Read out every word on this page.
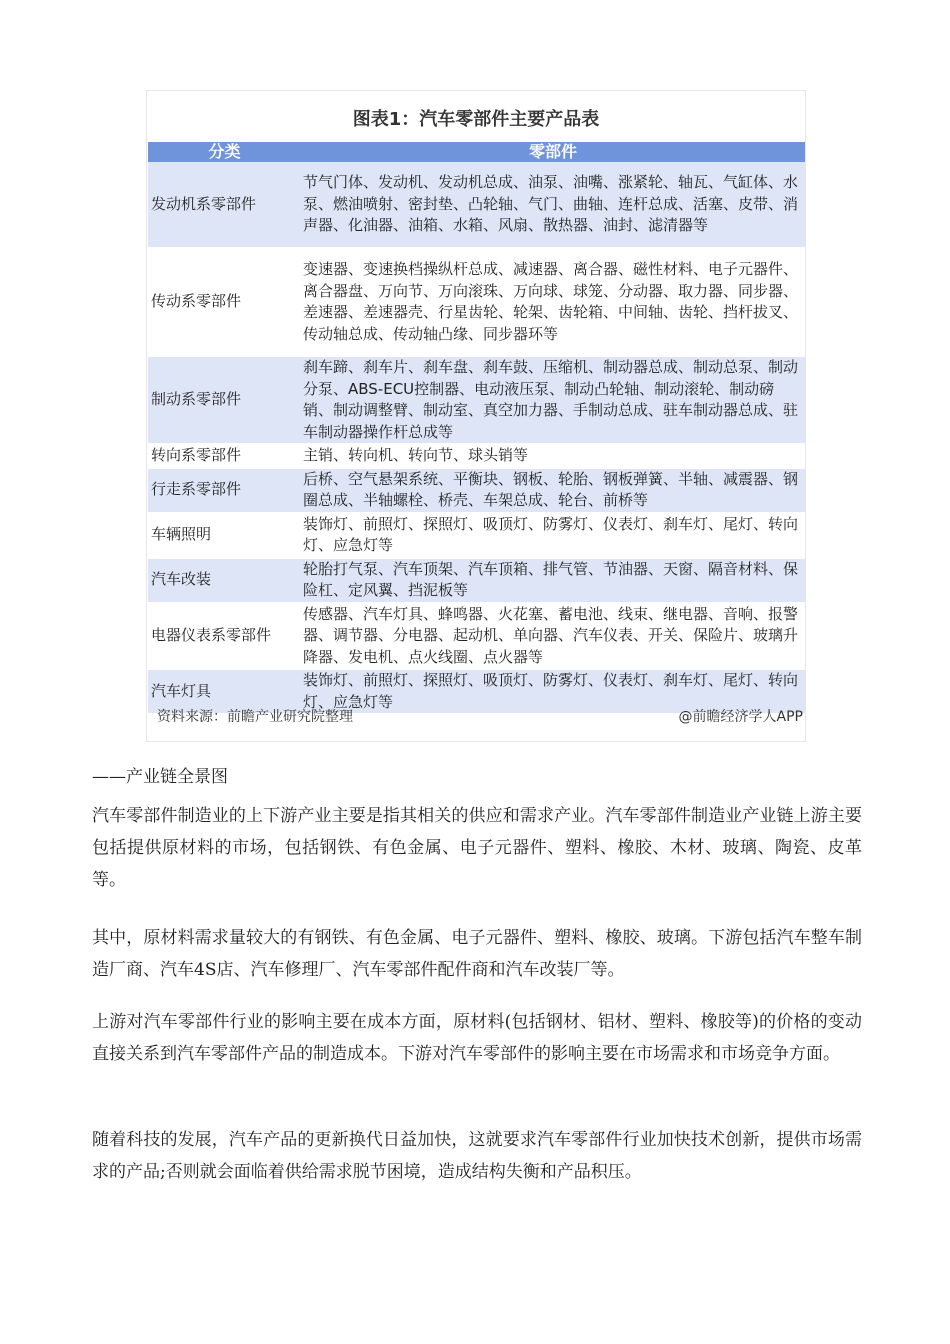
图表1：汽车零部件主要产品表
分类	零部件
发动机系零部件	节气门体、发动机、发动机总成、油泵、油嘴、涨紧轮、轴瓦、气缸体、水泵、燃油喷射、密封垫、凸轮轴、气门、曲轴、连杆总成、活塞、皮带、消声器、化油器、油箱、水箱、风扇、散热器、油封、滤清器等
传动系零部件	变速器、变速换档操纵杆总成、减速器、离合器、磁性材料、电子元器件、离合器盘、万向节、万向滚珠、万向球、球笼、分动器、取力器、同步器、差速器、差速器壳、行星齿轮、轮架、齿轮箱、中间轴、齿轮、挡杆拔叉、传动轴总成、传动轴凸缘、同步器环等
制动系零部件	刹车蹄、刹车片、刹车盘、刹车鼓、压缩机、制动器总成、制动总泵、制动分泵、ABS-ECU控制器、电动液压泵、制动凸轮轴、制动滚轮、制动磅销、制动调整臂、制动室、真空加力器、手制动总成、驻车制动器总成、驻车制动器操作杆总成等
转向系零部件	主销、转向机、转向节、球头销等
行走系零部件	后桥、空气悬架系统、平衡块、钢板、轮胎、钢板弹簧、半轴、减震器、钢圈总成、半轴螺栓、桥壳、车架总成、轮台、前桥等
车辆照明	装饰灯、前照灯、探照灯、吸顶灯、防雾灯、仪表灯、刹车灯、尾灯、转向灯、应急灯等
汽车改装	轮胎打气泵、汽车顶架、汽车顶箱、排气管、节油器、天窗、隔音材料、保险杠、定风翼、挡泥板等
电器仪表系零部件	传感器、汽车灯具、蜂鸣器、火花塞、蓄电池、线束、继电器、音响、报警器、调节器、分电器、起动机、单向器、汽车仪表、开关、保险片、玻璃升降器、发电机、点火线圈、点火器等
汽车灯具	装饰灯、前照灯、探照灯、吸顶灯、防雾灯、仪表灯、刹车灯、尾灯、转向灯、应急灯等
资料来源：前瞻产业研究院整理	@前瞻经济学人APP
——产业链全景图

汽车零部件制造业的上下游产业主要是指其相关的供应和需求产业。汽车零部件制造业产业链上游主要包括提供原材料的市场，包括钢铁、有色金属、电子元器件、塑料、橡胶、木材、玻璃、陶瓷、皮革等。

其中，原材料需求量较大的有钢铁、有色金属、电子元器件、塑料、橡胶、玻璃。下游包括汽车整车制造厂商、汽车4S店、汽车修理厂、汽车零部件配件商和汽车改装厂等。

上游对汽车零部件行业的影响主要在成本方面，原材料(包括钢材、铝材、塑料、橡胶等)的价格的变动直接关系到汽车零部件产品的制造成本。下游对汽车零部件的影响主要在市场需求和市场竞争方面。

随着科技的发展，汽车产品的更新换代日益加快，这就要求汽车零部件行业加快技术创新，提供市场需求的产品;否则就会面临着供给需求脱节困境，造成结构失衡和产品积压。
